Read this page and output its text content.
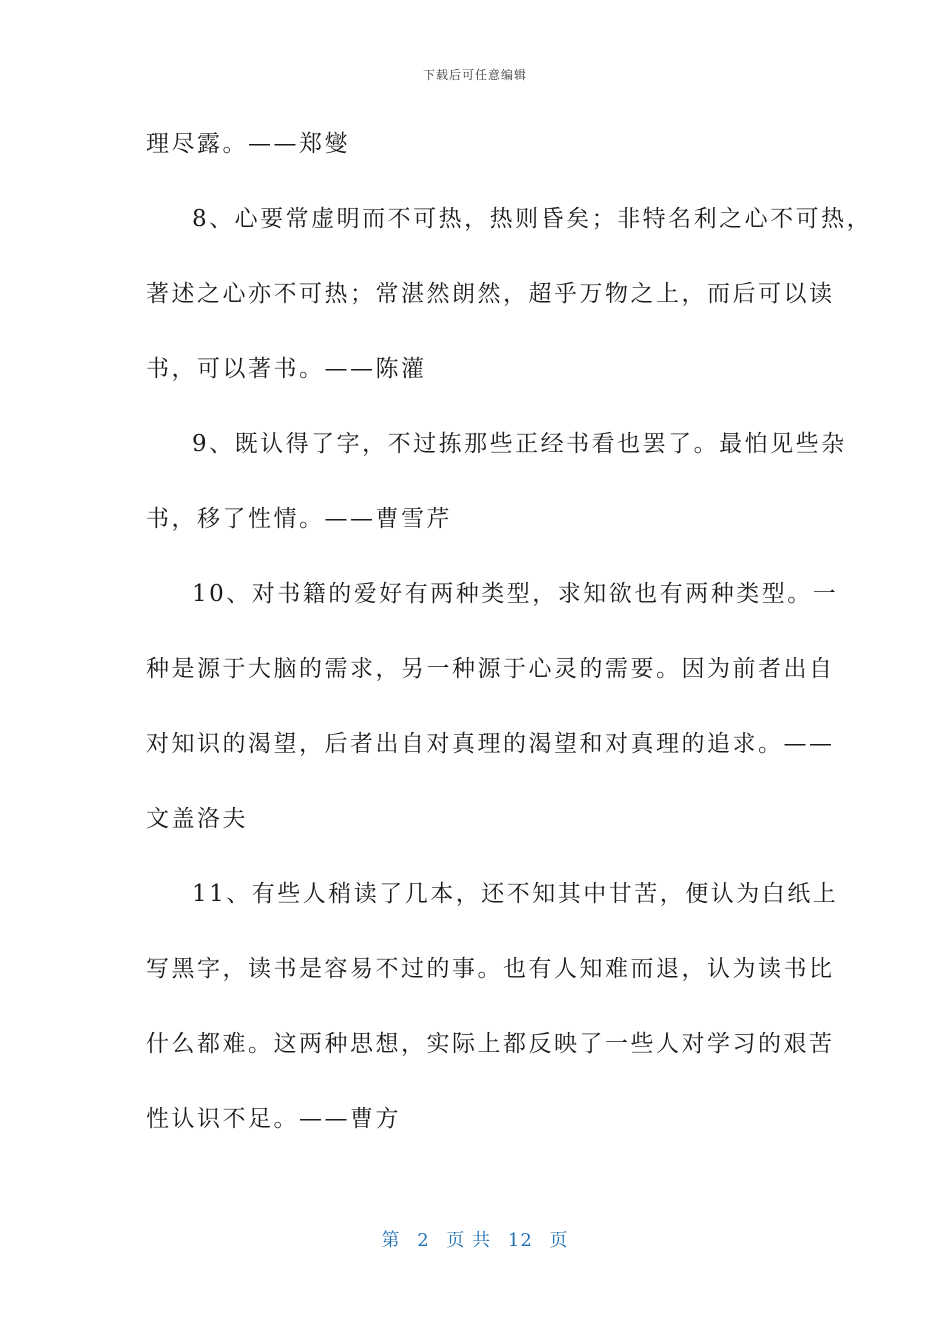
下载后可任意编辑
理尽露。——郑燮
8、心要常虚明而不可热，热则昏矣；非特名利之心不可热，
著述之心亦不可热；常湛然朗然，超乎万物之上，而后可以读
书，可以著书。——陈灌
9、既认得了字，不过拣那些正经书看也罢了。最怕见些杂
书，移了性情。——曹雪芹
10、对书籍的爱好有两种类型，求知欲也有两种类型。一
种是源于大脑的需求，另一种源于心灵的需要。因为前者出自
对知识的渴望，后者出自对真理的渴望和对真理的追求。——
文盖洛夫
11、有些人稍读了几本，还不知其中甘苦，便认为白纸上
写黑字，读书是容易不过的事。也有人知难而退，认为读书比
什么都难。这两种思想，实际上都反映了一些人对学习的艰苦
性认识不足。——曹方
第 2 页 共 12 页
